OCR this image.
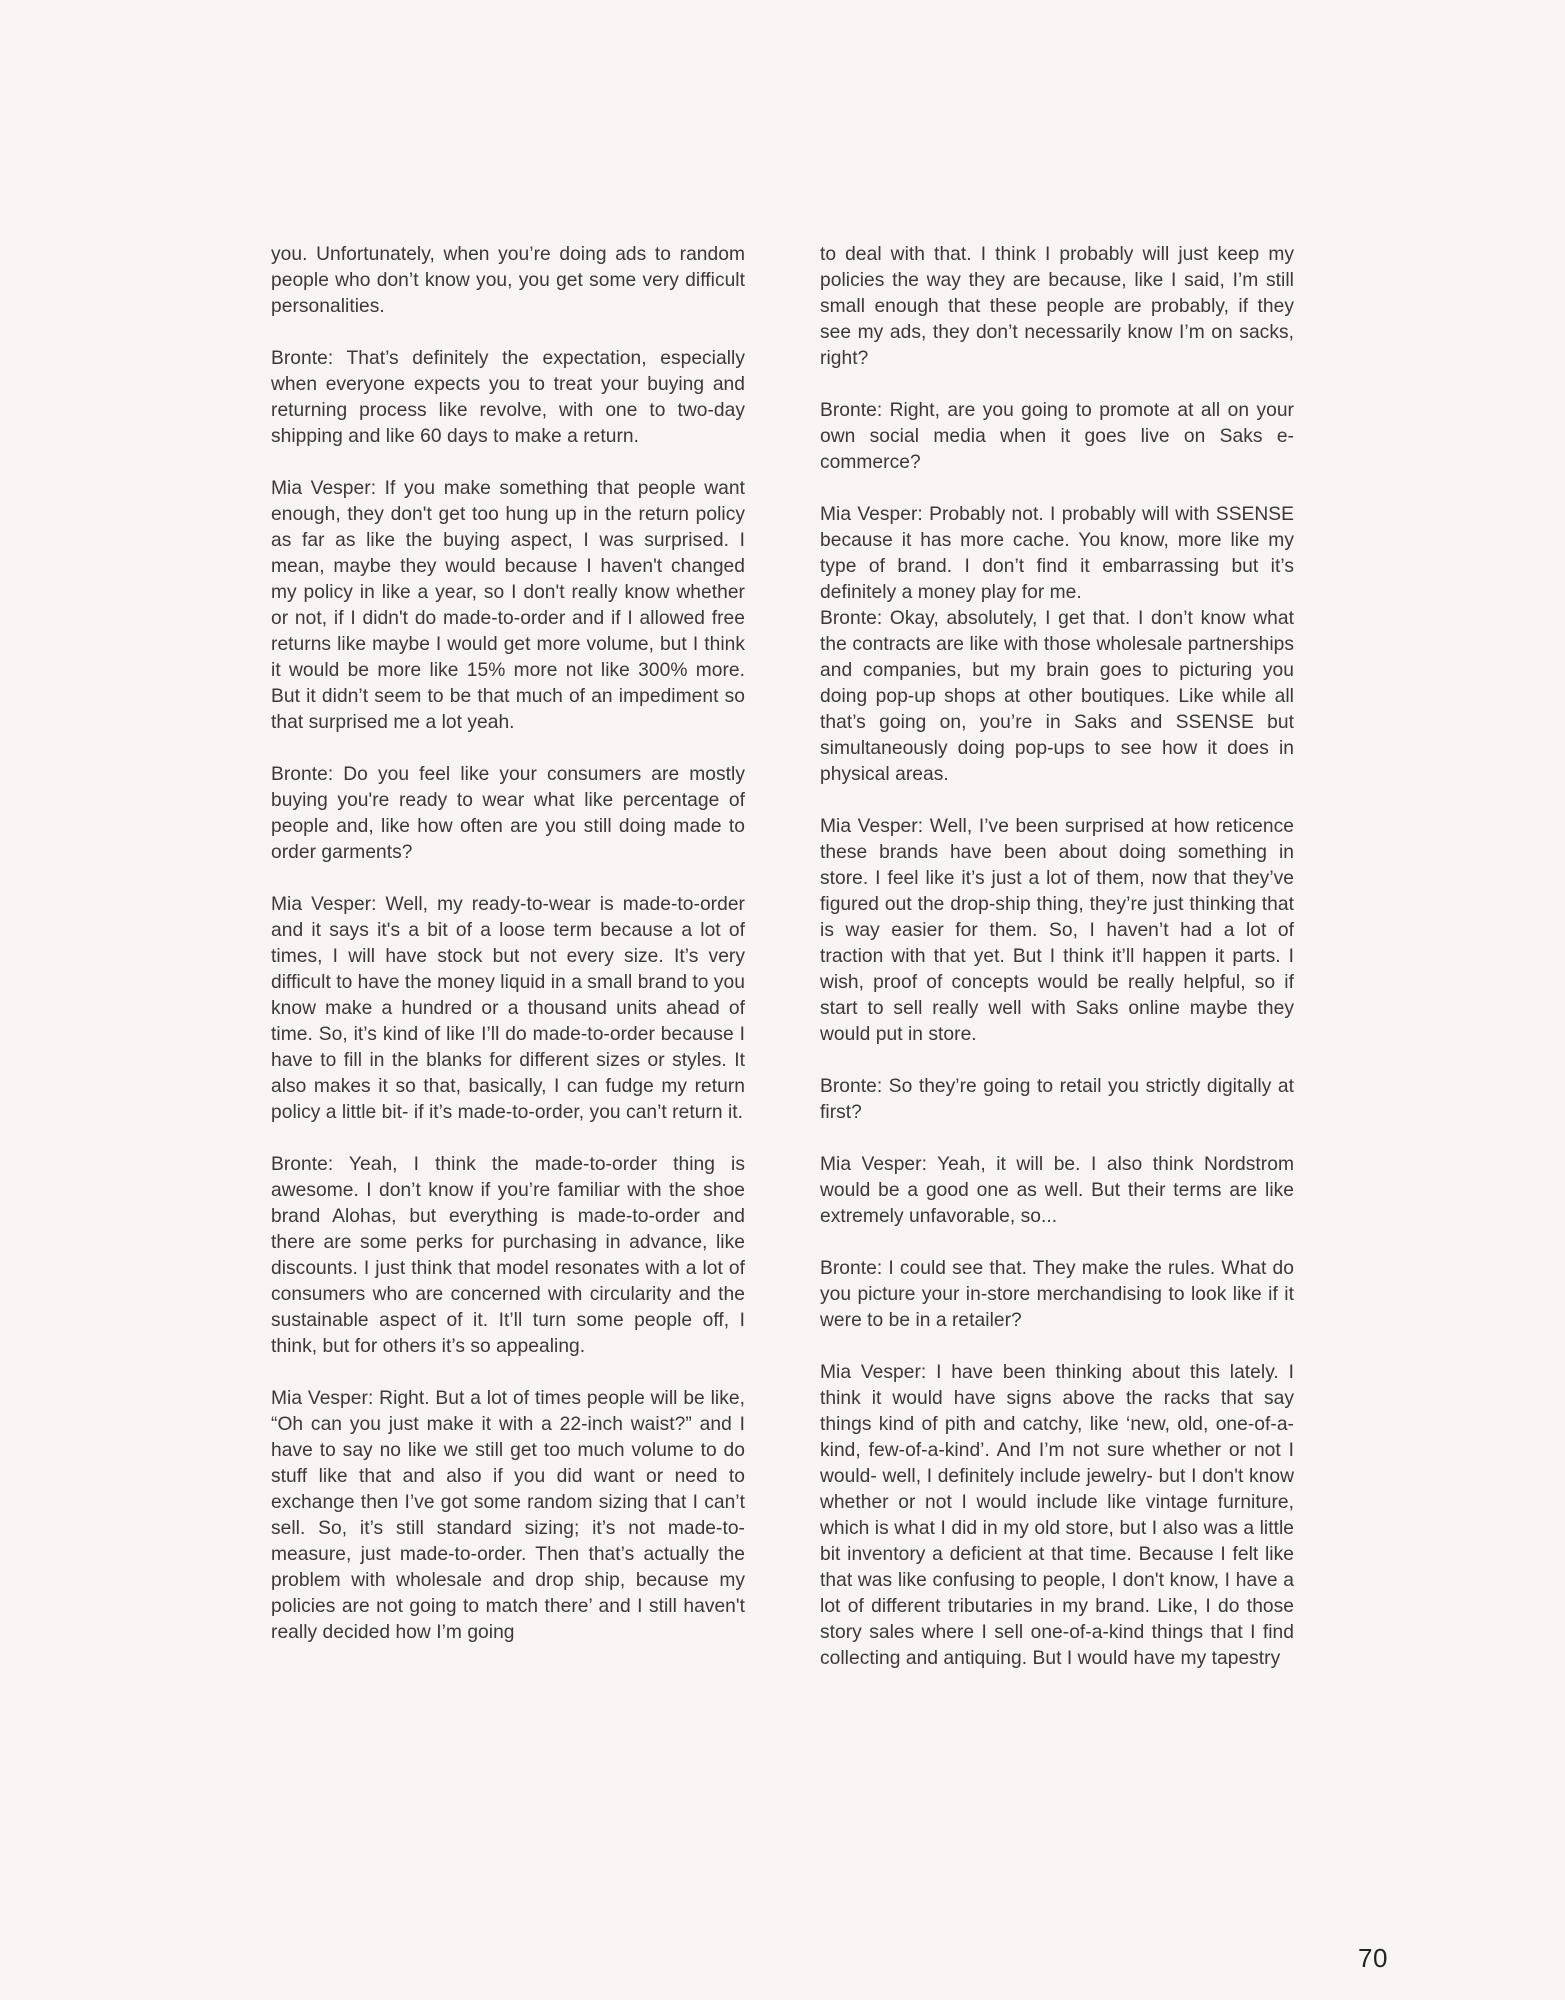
you. Unfortunately, when you’re doing ads to random people who don’t know you, you get some very difficult personalities.

Bronte: That’s definitely the expectation, especially when everyone expects you to treat your buying and returning process like revolve, with one to two-day shipping and like 60 days to make a return.

Mia Vesper: If you make something that people want enough, they don't get too hung up in the return policy as far as like the buying aspect, I was surprised. I mean, maybe they would because I haven't changed my policy in like a year, so I don't really know whether or not, if I didn't do made-to-order and if I allowed free returns like maybe I would get more volume, but I think it would be more like 15% more not like 300% more. But it didn’t seem to be that much of an impediment so that surprised me a lot yeah.

Bronte: Do you feel like your consumers are mostly buying you're ready to wear what like percentage of people and, like how often are you still doing made to order garments?

Mia Vesper: Well, my ready-to-wear is made-to-order and it says it's a bit of a loose term because a lot of times, I will have stock but not every size. It’s very difficult to have the money liquid in a small brand to you know make a hundred or a thousand units ahead of time. So, it’s kind of like I’ll do made-to-order because I have to fill in the blanks for different sizes or styles. It also makes it so that, basically, I can fudge my return policy a little bit- if it’s made-to-order, you can’t return it.

Bronte: Yeah, I think the made-to-order thing is awesome. I don’t know if you’re familiar with the shoe brand Alohas, but everything is made-to-order and there are some perks for purchasing in advance, like discounts. I just think that model resonates with a lot of consumers who are concerned with circularity and the sustainable aspect of it. It’ll turn some people off, I think, but for others it’s so appealing.

Mia Vesper: Right. But a lot of times people will be like, “Oh can you just make it with a 22-inch waist?” and I have to say no like we still get too much volume to do stuff like that and also if you did want or need to exchange then I’ve got some random sizing that I can’t sell. So, it’s still standard sizing; it’s not made-to-measure, just made-to-order. Then that’s actually the problem with wholesale and drop ship, because my policies are not going to match there’ and I still haven't really decided how I’m going

to deal with that. I think I probably will just keep my policies the way they are because, like I said, I’m still small enough that these people are probably, if they see my ads, they don’t necessarily know I’m on sacks, right?

Bronte: Right, are you going to promote at all on your own social media when it goes live on Saks e-commerce?

Mia Vesper: Probably not. I probably will with SSENSE because it has more cache. You know, more like my type of brand. I don’t find it embarrassing but it’s definitely a money play for me.

Bronte: Okay, absolutely, I get that. I don’t know what the contracts are like with those wholesale partnerships and companies, but my brain goes to picturing you doing pop-up shops at other boutiques. Like while all that’s going on, you’re in Saks and SSENSE but simultaneously doing pop-ups to see how it does in physical areas.

Mia Vesper: Well, I’ve been surprised at how reticence these brands have been about doing something in store. I feel like it’s just a lot of them, now that they’ve figured out the drop-ship thing, they’re just thinking that is way easier for them. So, I haven’t had a lot of traction with that yet. But I think it’ll happen it parts. I wish, proof of concepts would be really helpful, so if start to sell really well with Saks online maybe they would put in store.

Bronte: So they’re going to retail you strictly digitally at first?

Mia Vesper: Yeah, it will be. I also think Nordstrom would be a good one as well. But their terms are like extremely unfavorable, so...

Bronte: I could see that. They make the rules. What do you picture your in-store merchandising to look like if it were to be in a retailer?

Mia Vesper: I have been thinking about this lately. I think it would have signs above the racks that say things kind of pith and catchy, like ‘new, old, one-of-a-kind, few-of-a-kind’. And I’m not sure whether or not I would- well, I definitely include jewelry- but I don't know whether or not I would include like vintage furniture, which is what I did in my old store, but I also was a little bit inventory a deficient at that time. Because I felt like that was like confusing to people, I don't know, I have a lot of different tributaries in my brand. Like, I do those story sales where I sell one-of-a-kind things that I find collecting and antiquing. But I would have my tapestry

70
